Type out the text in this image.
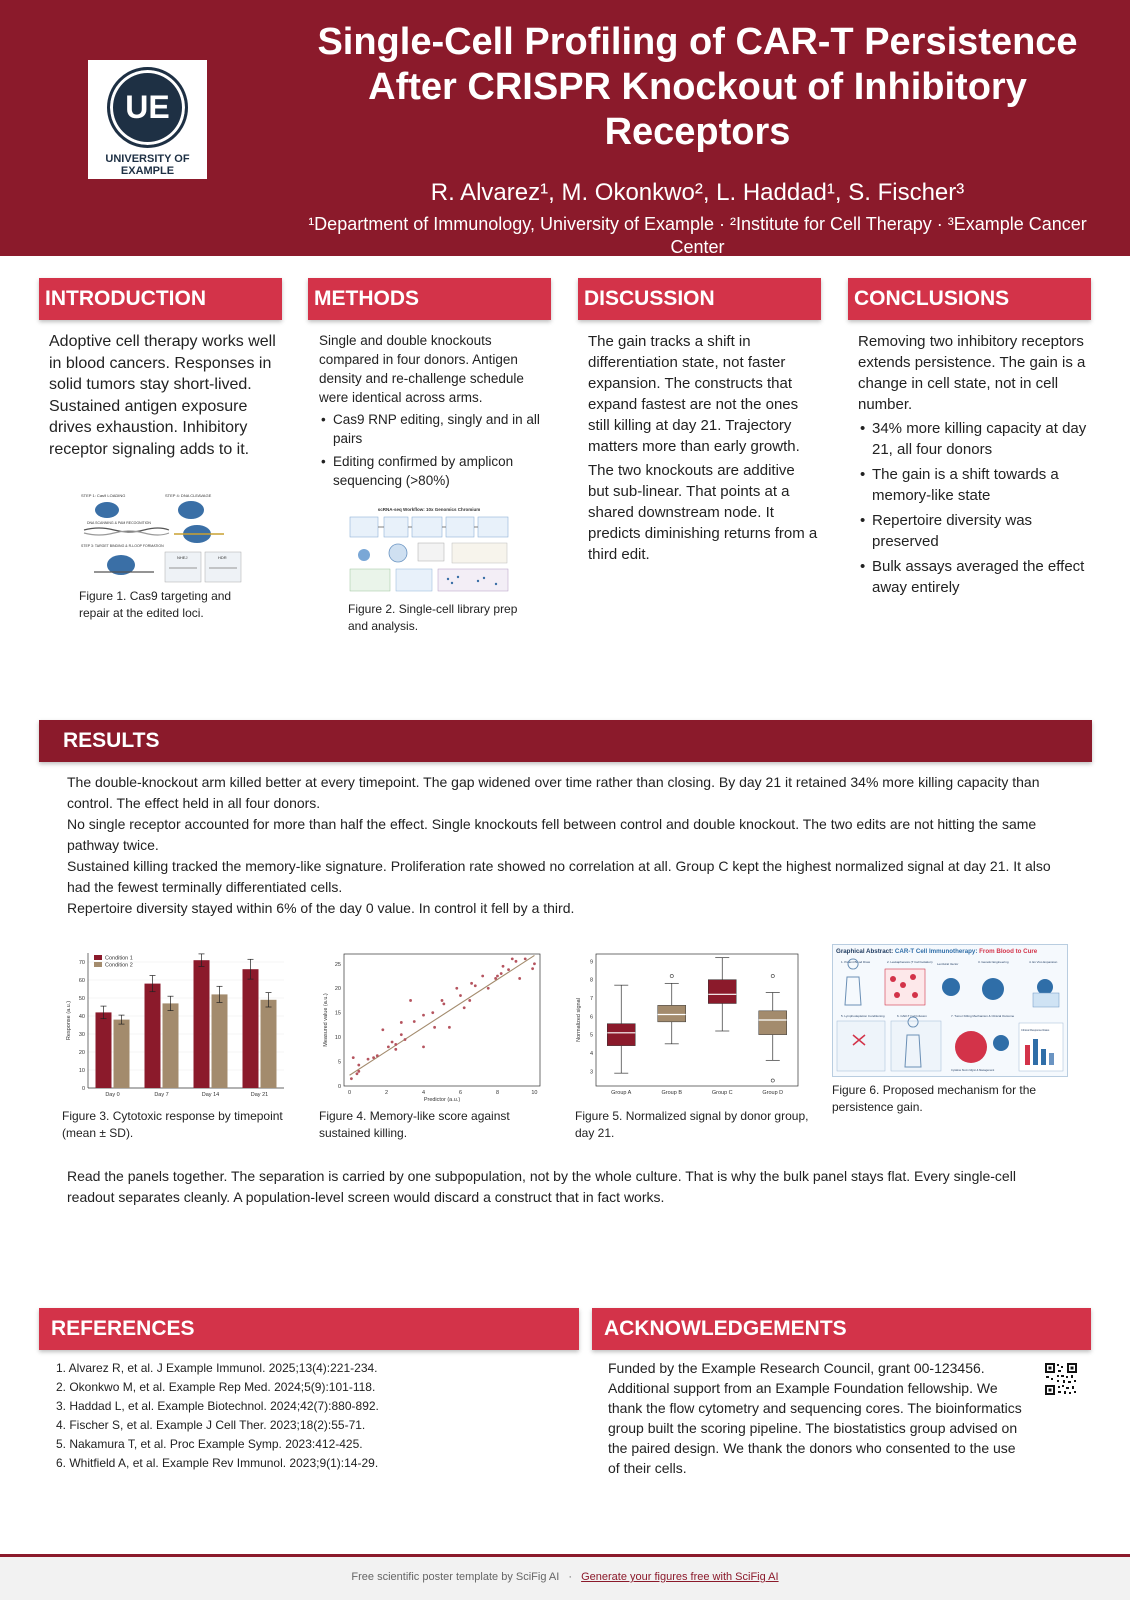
UE
UNIVERSITY OF EXAMPLE
Single-Cell Profiling of CAR-T Persistence After CRISPR Knockout of Inhibitory Receptors
R. Alvarez¹, M. Okonkwo², L. Haddad¹, S. Fischer³
¹Department of Immunology, University of Example · ²Institute for Cell Therapy · ³Example Cancer Center
INTRODUCTION
Adoptive cell therapy works well in blood cancers. Responses in solid tumors stay short-lived. Sustained antigen exposure drives exhaustion. Inhibitory receptor signaling adds to it.
STEP 1: Cas9 LOADING	STEP 4: DNA CLEAVAGE
DNA SCANNING & PAM RECOGNITION
STEP 3: TARGET BINDING & R-LOOP FORMATION
NHEJ	HDR
Figure 1. Cas9 targeting and repair at the edited loci.
METHODS

Single and double knockouts compared in four donors. Antigen density and re-challenge schedule were identical across arms.

• Cas9 RNP editing, singly and in all pairs
• Editing confirmed by amplicon sequencing (>80%)
scRNA-seq Workflow: 10x Genomics Chromium
Figure 2. Single-cell library prep and analysis.
DISCUSSION

The gain tracks a shift in differentiation state, not faster expansion. The constructs that expand fastest are not the ones still killing at day 21. Trajectory matters more than early growth.

The two knockouts are additive but sub-linear. That points at a shared downstream node. It predicts diminishing returns from a third edit.

CONCLUSIONS

Removing two inhibitory receptors extends persistence. The gain is a change in cell state, not in cell number.

• 34% more killing capacity at day 21, all four donors
• The gain is a shift towards a memory-like state
• Repertoire diversity was preserved
• Bulk assays averaged the effect away entirely
RESULTS

The double-knockout arm killed better at every timepoint. The gap widened over time rather than closing. By day 21 it retained 34% more killing capacity than control. The effect held in all four donors.

No single receptor accounted for more than half the effect. Single knockouts fell between control and double knockout. The two edits are not hitting the same pathway twice.

Sustained killing tracked the memory-like signature. Proliferation rate showed no correlation at all. Group C kept the highest normalized signal at day 21. It also had the fewest terminally differentiated cells.

Repertoire diversity stayed within 6% of the day 0 value. In control it fell by a third.

0
10
20
30
40
50
60
70
Response (a.u.)
Day 0	Day 7	Day 14	Day 21
Condition 1
Condition 2
Figure 3. Cytotoxic response by timepoint (mean ± SD).
0
5
10
15
20
25
0	2	4	6	8	10
Predictor (a.u.)
Measured value (a.u.)
Figure 4. Memory-like score against sustained killing.
3
4
5
6
7
8
9
Normalized signal
Group A	Group B	Group C	Group D
Figure 5. Normalized signal by donor group, day 21.
Graphical Abstract: CAR-T Cell Immunotherapy: From Blood to Cure
1. Patient Blood Draw	2. Leukapheresis (T Cell Isolation) Lentiviral Vector	3. Genetic Engineering	4. Ex Vivo Expansion
5. Lymphodepletion Conditioning	6. CAR-T Cell Infusion	7. Tumor Killing Mechanism & Clinical Outcome
Clinical Response Rates
Cytokine Storm Mgmt & Management
Figure 6. Proposed mechanism for the persistence gain.
Read the panels together. The separation is carried by one subpopulation, not by the whole culture. That is why the bulk panel stays flat. Every single-cell readout separates cleanly. A population-level screen would discard a construct that in fact works.
REFERENCES
1. Alvarez R, et al. J Example Immunol. 2025;13(4):221-234.
2. Okonkwo M, et al. Example Rep Med. 2024;5(9):101-118.
3. Haddad L, et al. Example Biotechnol. 2024;42(7):880-892.
4. Fischer S, et al. Example J Cell Ther. 2023;18(2):55-71.
5. Nakamura T, et al. Proc Example Symp. 2023:412-425.
6. Whitfield A, et al. Example Rev Immunol. 2023;9(1):14-29.
ACKNOWLEDGEMENTS
Funded by the Example Research Council, grant 00-123456. Additional support from an Example Foundation fellowship. We thank the flow cytometry and sequencing cores. The bioinformatics group built the scoring pipeline. The biostatistics group advised on the paired design. We thank the donors who consented to the use of their cells.
Free scientific poster template by SciFig AI · Generate your figures free with SciFig AI
